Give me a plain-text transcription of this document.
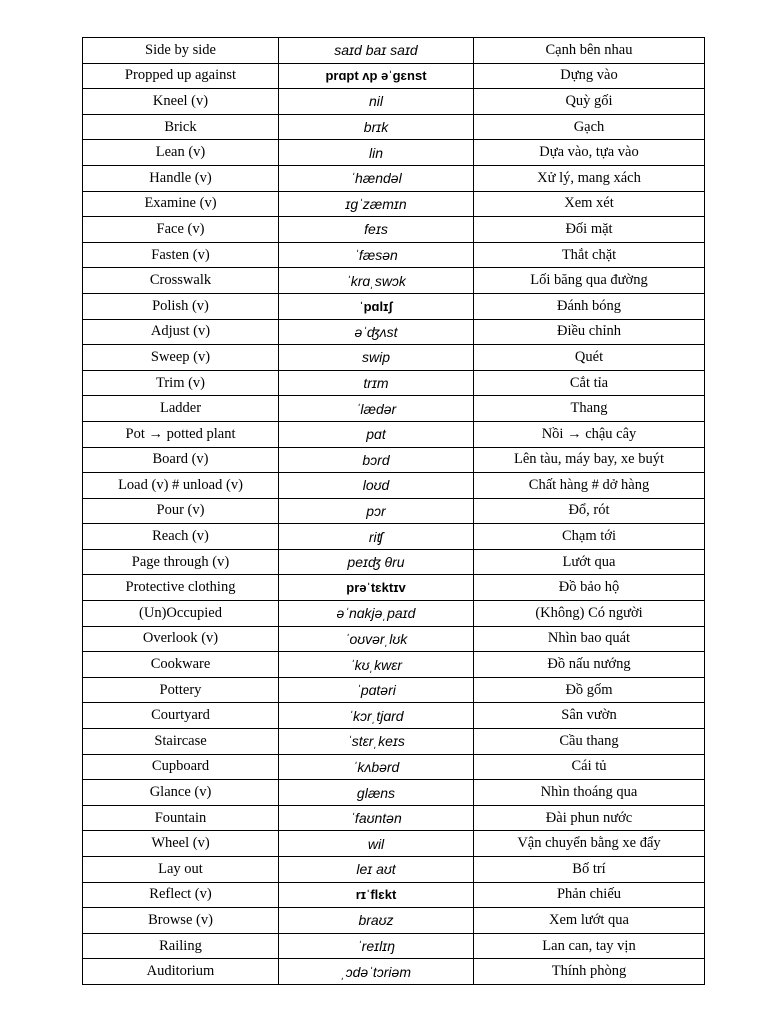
Side by side	saɪd baɪ saɪd	Cạnh bên nhau
Propped up against	prɑpt ʌp əˈgɛnst	Dựng vào
Kneel (v)	nil	Quỳ gối
Brick	brɪk	Gạch
Lean (v)	lin	Dựa vào, tựa vào
Handle (v)	ˈhændəl	Xử lý, mang xách
Examine (v)	ɪgˈzæmɪn	Xem xét
Face (v)	feɪs	Đối mặt
Fasten (v)	ˈfæsən	Thắt chặt
Crosswalk	ˈkrɑˌswɔk	Lối băng qua đường
Polish (v)	ˈpɑlɪʃ	Đánh bóng
Adjust (v)	əˈʤʌst	Điều chỉnh
Sweep (v)	swip	Quét
Trim (v)	trɪm	Cắt tỉa
Ladder	ˈlædər	Thang
Pot → potted plant	pɑt	Nồi → chậu cây
Board (v)	bɔrd	Lên tàu, máy bay, xe buýt
Load (v) # unload (v)	loʊd	Chất hàng # dở hàng
Pour (v)	pɔr	Đổ, rót
Reach (v)	riʧ	Chạm tới
Page through (v)	peɪʤ θru	Lướt qua
Protective clothing	prəˈtɛktɪv	Đồ bảo hộ
(Un)Occupied	əˈnɑkjəˌpaɪd	(Không) Có người
Overlook (v)	ˈoʊvərˌlʊk	Nhìn bao quát
Cookware	ˈkʊˌkwɛr	Đồ nấu nướng
Pottery	ˈpɑtəri	Đồ gốm
Courtyard	ˈkɔrˌtjɑrd	Sân vườn
Staircase	ˈstɛrˌkeɪs	Cầu thang
Cupboard	ˈkʌbərd	Cái tủ
Glance (v)	glæns	Nhìn thoáng qua
Fountain	ˈfaʊntən	Đài phun nước
Wheel (v)	wil	Vận chuyển bằng xe đẩy
Lay out	leɪ aʊt	Bố trí
Reflect (v)	rɪˈflɛkt	Phản chiếu
Browse (v)	braʊz	Xem lướt qua
Railing	ˈreɪlɪŋ	Lan can, tay vịn
Auditorium	ˌɔdəˈtɔriəm	Thính phòng
